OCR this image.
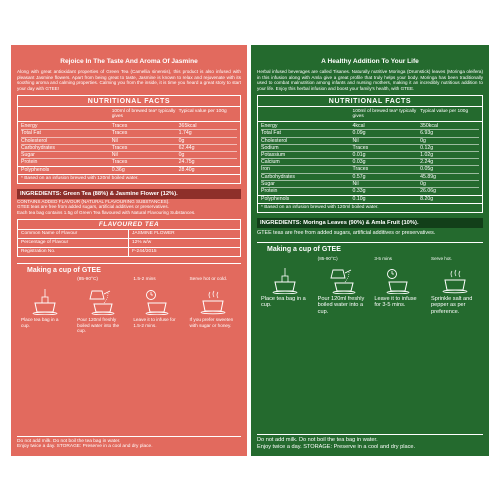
Rejoice In The Taste And Aroma Of Jasmine
Along with great antioxidant properties of Green Tea (Camellia sinensis), this product is also infused with pleasant Jasmine flowers. Apart from being great to taste, Jasmine is known to relax and rejuvenate with its soothing aroma and calming properties. Calming you from the inside, it is time you heard a great story to start your day with GTEE!
NUTRITIONAL FACTS
100ml of brewed tea* typically gives
Typical value per 100g
Energy	Traces	365kcal
Total Fat	Traces	1.74g
Cholesterol	Nil	0g
Carbohydrates	Traces	62.44g
Sugar	Nil	0g
Protein	Traces	24.75g
Polyphenols	0.36g	28.40g
* Based on an infusion brewed with 120ml boiled water.
INGREDIENTS: Green Tea (88%) & Jasmine Flower (12%).
CONTAINS ADDED FLAVOUR (NATURAL FLAVOURING SUBSTANCES).
GTEE teas are free from added sugars, artificial additives or preservatives.
Each tea bag contains 1.5g of Green Tea flavoured with Natural Flavouring Substances.
FLAVOURED TEA
Common Name of Flavour	JASMINE FLOWER
Percentage of Flavour	12% w/w
Registration No.	F-244/2015
Making a cup of GTEE
Place tea bag in a cup.
(85-90°C)
Pour 120ml freshly boiled water into the cup.
1.5-2 mins
Leave it to infuse for 1.5-2 mins.
Serve hot or cold.
If you prefer sweeten with sugar or honey.
Do not add milk. Do not boil the tea bag in water.
Enjoy twice a day. STORAGE: Preserve in a cool and dry place.
A Healthy Addition To Your Life
Herbal infused beverages are called Tisanes. Naturally nutritive Moringa (Drumstick) leaves (Moringa oleifera) in this infusion along with Amla give a great profile that truly helps your body. Moringa has been traditionally used to combat malnutrition among infants and nursing mothers, making it an incredibly nutritious addition to your life. Enjoy this herbal infusion and boost your family's health, with GTEE.
NUTRITIONAL FACTS
100ml of brewed tea* typically gives
Typical value per 100g
Energy	4kcal	350kcal
Total Fat	0.09g	6.93g
Cholesterol	Nil	0g
Sodium	Traces	0.12g
Potassium	0.01g	1.02g
Calcium	0.03g	2.24g
Iron	Traces	0.05g
Carbohydrates	0.57g	45.89g
Sugar	Nil	0g
Protein	0.33g	26.06g
Polyphenols	0.10g	8.20g
* Based on an infusion brewed with 120ml boiled water.
INGREDIENTS: Moringa Leaves (90%) & Amla Fruit (10%).
GTEE teas are free from added sugars, artificial additives or preservatives.
Making a cup of GTEE
Place tea bag in a cup.
(85-90°C)
Pour 120ml freshly boiled water into a cup.
3-5 mins
Leave it to infuse for 3-5 mins.
Serve hot.
Sprinkle salt and pepper as per preference.
Do not add milk. Do not boil the tea bag in water.
Enjoy twice a day. STORAGE: Preserve in a cool and dry place.
